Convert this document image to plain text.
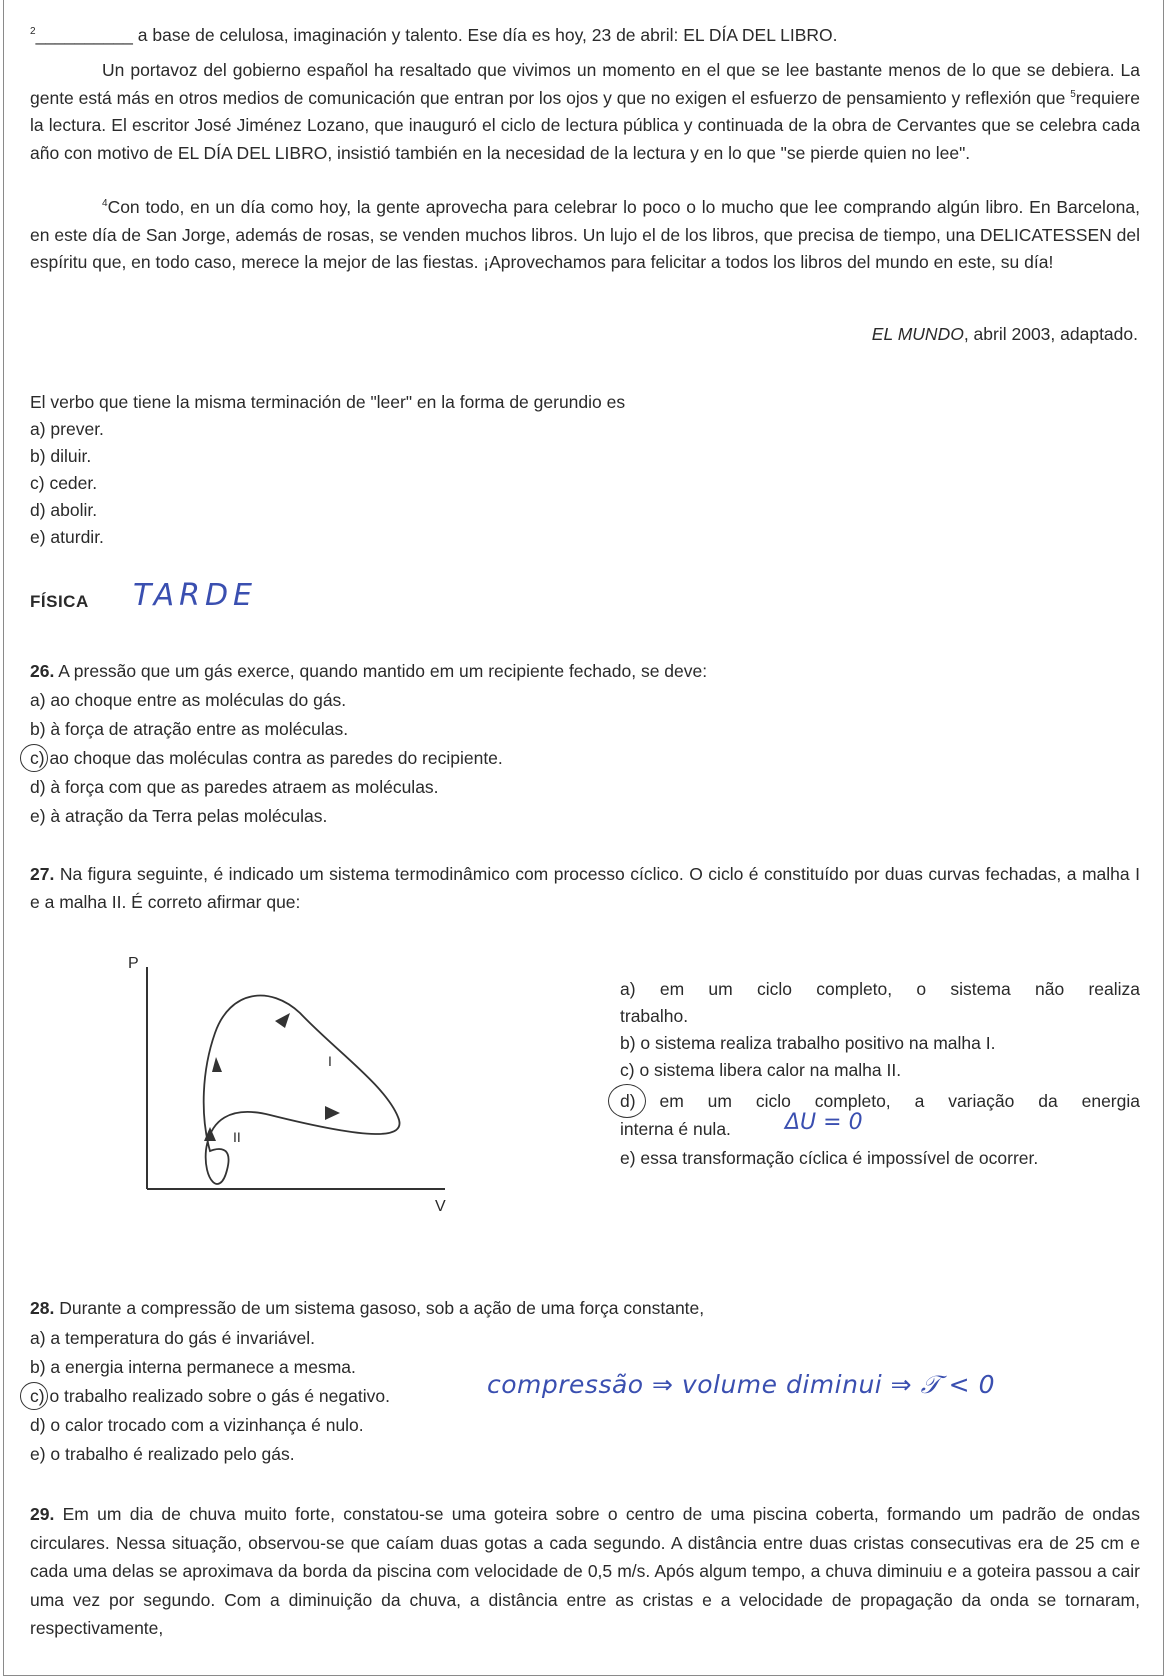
$^2$__________ a base de celulosa, imaginación y talento. Ese día es hoy, 23 de abril: EL DÍA DEL LIBRO.
Un portavoz del gobierno español ha resaltado que vivimos un momento en el que se lee bastante menos de lo que se debiera. La gente está más en otros medios de comunicación que entran por los ojos y que no exigen el esfuerzo de pensamiento y reflexión que $^5$requiere la lectura. El escritor José Jiménez Lozano, que inauguró el ciclo de lectura pública y continuada de la obra de Cervantes que se celebra cada año con motivo de EL DÍA DEL LIBRO, insistió también en la necesidad de la lectura y en lo que "se pierde quien no lee".
$^4$Con todo, en un día como hoy, la gente aprovecha para celebrar lo poco o lo mucho que lee comprando algún libro. En Barcelona, en este día de San Jorge, además de rosas, se venden muchos libros. Un lujo el de los libros, que precisa de tiempo, una DELICATESSEN del espíritu que, en todo caso, merece la mejor de las fiestas. ¡Aprovechamos para felicitar a todos los libros del mundo en este, su día!
EL MUNDO, abril 2003, adaptado.
El verbo que tiene la misma terminación de "leer" en la forma de gerundio es
a) prever.
b) diluir.
c) ceder.
d) abolir.
e) aturdir.
FÍSICA TARDE
26. A pressão que um gás exerce, quando mantido em um recipiente fechado, se deve:
a) ao choque entre as moléculas do gás.
b) à força de atração entre as moléculas.
c) ao choque das moléculas contra as paredes do recipiente.
d) à força com que as paredes atraem as moléculas.
e) à atração da Terra pelas moléculas.
27. Na figura seguinte, é indicado um sistema termodinâmico com processo cíclico. O ciclo é constituído por duas curvas fechadas, a malha I e a malha II. É correto afirmar que:
P
V
I
II
a) em um ciclo completo, o sistema não realiza
trabalho.
b) o sistema realiza trabalho positivo na malha I.
c) o sistema libera calor na malha II.
d) em um ciclo completo, a variação da energia
interna é nula. ΔU = 0
e) essa transformação cíclica é impossível de ocorrer.
28. Durante a compressão de um sistema gasoso, sob a ação de uma força constante,
a) a temperatura do gás é invariável.
b) a energia interna permanece a mesma.
c) o trabalho realizado sobre o gás é negativo.	compressão ⇒ volume diminui ⇒ 𝒯 < 0
d) o calor trocado com a vizinhança é nulo.
e) o trabalho é realizado pelo gás.
29. Em um dia de chuva muito forte, constatou-se uma goteira sobre o centro de uma piscina coberta, formando um padrão de ondas circulares. Nessa situação, observou-se que caíam duas gotas a cada segundo. A distância entre duas cristas consecutivas era de 25 cm e cada uma delas se aproximava da borda da piscina com velocidade de 0,5 m/s. Após algum tempo, a chuva diminuiu e a goteira passou a cair uma vez por segundo. Com a diminuição da chuva, a distância entre as cristas e a velocidade de propagação da onda se tornaram, respectivamente,
